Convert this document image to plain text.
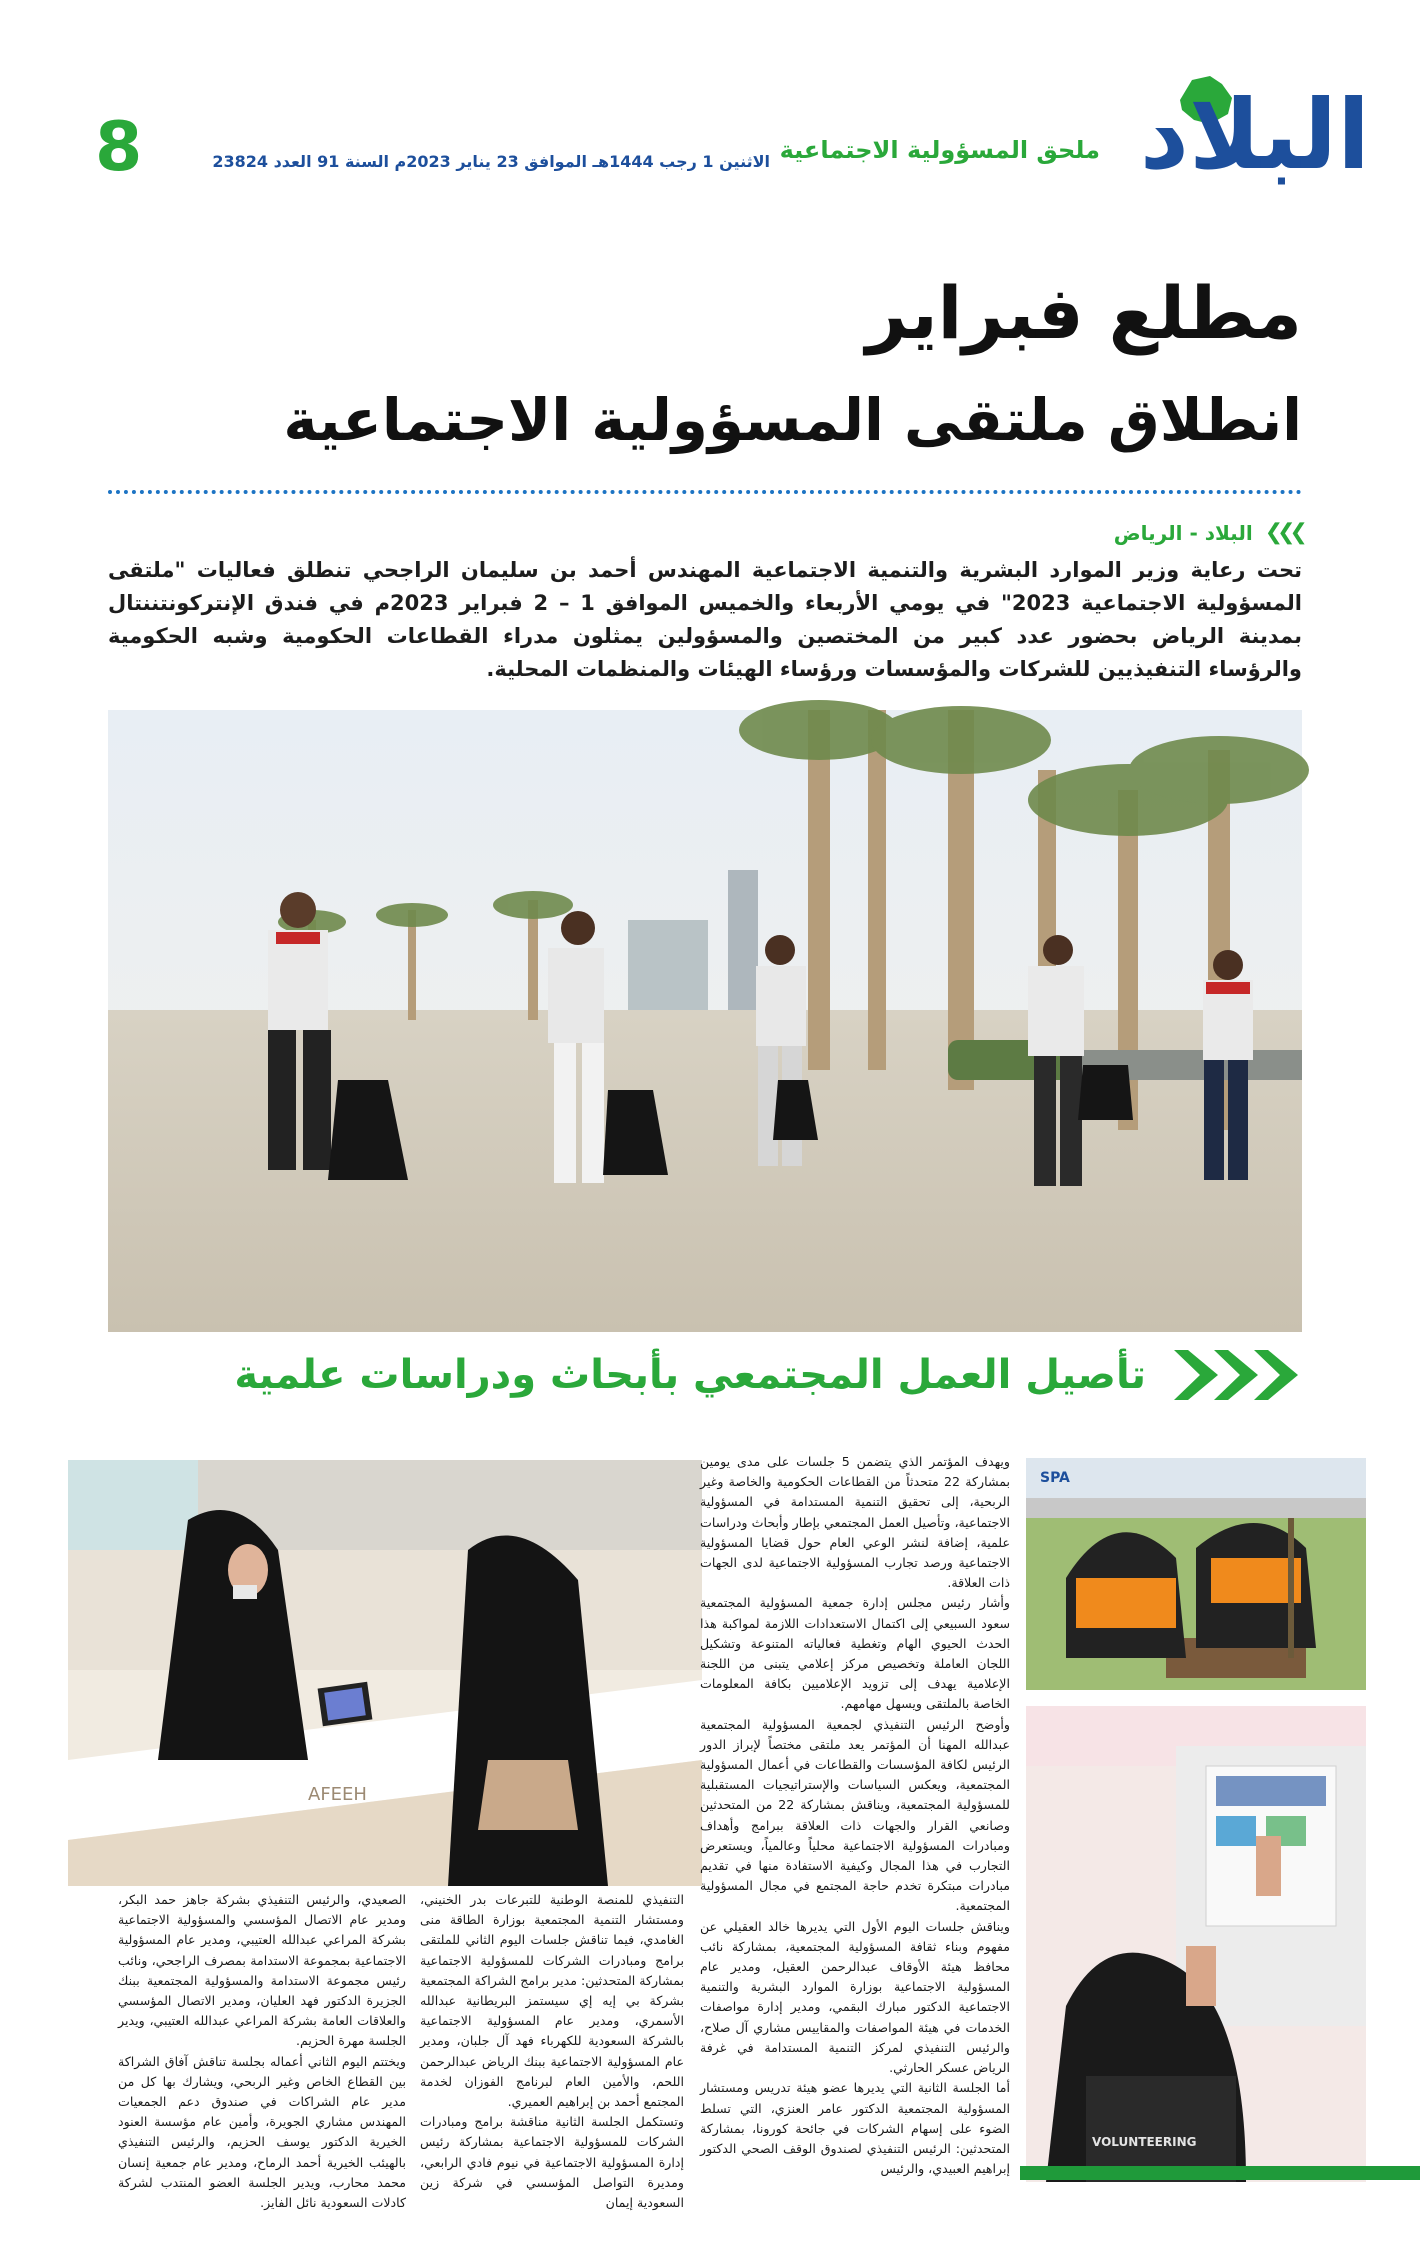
البلاد
ملحق المسؤولية الاجتماعية
الاثنين 1 رجب 1444هـ الموافق 23 يناير 2023م السنة 91 العدد 23824
8
مطلع فبراير
انطلاق ملتقى المسؤولية الاجتماعية
❯❯❯
البلاد - الرياض
تحت رعاية وزير الموارد البشرية والتنمية الاجتماعية المهندس أحمد بن سليمان الراجحي تنطلق فعاليات "ملتقى المسؤولية الاجتماعية 2023" في يومي الأربعاء والخميس الموافق 1 – 2 فبراير 2023م في فندق الإنتركونتننتال بمدينة الرياض بحضور عدد كبير من المختصين والمسؤولين يمثلون مدراء القطاعات الحكومية وشبه الحكومية والرؤساء التنفيذيين للشركات والمؤسسات ورؤساء الهيئات والمنظمات المحلية.
تأصيل العمل المجتمعي بأبحاث ودراسات علمية
SPA
VOLUNTEERING
AFEEH

ويهدف المؤتمر الذي يتضمن 5 جلسات على مدى يومين بمشاركة 22 متحدثاً من القطاعات الحكومية والخاصة وغير الربحية، إلى تحقيق التنمية المستدامة في المسؤولية الاجتماعية، وتأصيل العمل المجتمعي بإطار وأبحاث ودراسات علمية، إضافة لنشر الوعي العام حول قضايا المسؤولية الاجتماعية ورصد تجارب المسؤولية الاجتماعية لدى الجهات ذات العلاقة.

وأشار رئيس مجلس إدارة جمعية المسؤولية المجتمعية سعود السبيعي إلى اكتمال الاستعدادات اللازمة لمواكبة هذا الحدث الحيوي الهام وتغطية فعالياته المتنوعة وتشكيل اللجان العاملة وتخصيص مركز إعلامي يتبنى من اللجنة الإعلامية يهدف إلى تزويد الإعلاميين بكافة المعلومات الخاصة بالملتقى ويسهل مهامهم.

وأوضح الرئيس التنفيذي لجمعية المسؤولية المجتمعية عبدالله المهنا أن المؤتمر يعد ملتقى مختصاً لإبراز الدور الرئيس لكافة المؤسسات والقطاعات في أعمال المسؤولية المجتمعية، ويعكس السياسات والإستراتيجيات المستقبلية للمسؤولية المجتمعية، ويناقش بمشاركة 22 من المتحدثين وصانعي القرار والجهات ذات العلاقة ببرامج وأهداف ومبادرات المسؤولية الاجتماعية محلياً وعالمياً، ويستعرض التجارب في هذا المجال وكيفية الاستفادة منها في تقديم مبادرات مبتكرة تخدم حاجة المجتمع في مجال المسؤولية المجتمعية.

ويناقش جلسات اليوم الأول التي يديرها خالد العقيلي عن مفهوم وبناء ثقافة المسؤولية المجتمعية، بمشاركة نائب محافظ هيئة الأوقاف عبدالرحمن العقيل، ومدير عام المسؤولية الاجتماعية بوزارة الموارد البشرية والتنمية الاجتماعية الدكتور مبارك البقمي، ومدير إدارة مواصفات الخدمات في هيئة المواصفات والمقاييس مشاري آل صلاح، والرئيس التنفيذي لمركز التنمية المستدامة في غرفة الرياض عسكر الحارثي.

أما الجلسة الثانية التي يديرها عضو هيئة تدريس ومستشار المسؤولية المجتمعية الدكتور عامر العنزي، التي تسلط الضوء على إسهام الشركات في جائحة كورونا، بمشاركة المتحدثين: الرئيس التنفيذي لصندوق الوقف الصحي الدكتور إبراهيم العبيدي، والرئيس

التنفيذي للمنصة الوطنية للتبرعات بدر الخنيني، ومستشار التنمية المجتمعية بوزارة الطاقة منى الغامدي، فيما تناقش جلسات اليوم الثاني للملتقى برامج ومبادرات الشركات للمسؤولية الاجتماعية بمشاركة المتحدثين: مدير برامج الشراكة المجتمعية بشركة بي إيه إي سيستمز البريطانية عبدالله الأسمري، ومدير عام المسؤولية الاجتماعية بالشركة السعودية للكهرباء فهد آل جلبان، ومدير عام المسؤولية الاجتماعية ببنك الرياض عبدالرحمن اللحم، والأمين العام لبرنامج الفوزان لخدمة المجتمع أحمد بن إبراهيم العميري.

وتستكمل الجلسة الثانية مناقشة برامج ومبادرات الشركات للمسؤولية الاجتماعية بمشاركة رئيس إدارة المسؤولية الاجتماعية في نيوم فادي الرابعي، ومديرة التواصل المؤسسي في شركة زين السعودية إيمان

الصعيدي، والرئيس التنفيذي بشركة جاهز حمد البكر، ومدير عام الاتصال المؤسسي والمسؤولية الاجتماعية بشركة المراعي عبدالله العتيبي، ومدير عام المسؤولية الاجتماعية بمجموعة الاستدامة بمصرف الراجحي، ونائب رئيس مجموعة الاستدامة والمسؤولية المجتمعية ببنك الجزيرة الدكتور فهد العليان، ومدير الاتصال المؤسسي والعلاقات العامة بشركة المراعي عبدالله العتيبي، ويدير الجلسة مهرة الحزيم.

ويختتم اليوم الثاني أعماله بجلسة تناقش آفاق الشراكة بين القطاع الخاص وغير الربحي، ويشارك بها كل من مدير عام الشراكات في صندوق دعم الجمعيات المهندس مشاري الجويرة، وأمين عام مؤسسة العنود الخيرية الدكتور يوسف الحزيم، والرئيس التنفيذي بالهيئب الخيرية أحمد الرماح، ومدير عام جمعية إنسان محمد محارب، ويدير الجلسة العضو المنتدب لشركة كادلات السعودية نائل الفايز.
